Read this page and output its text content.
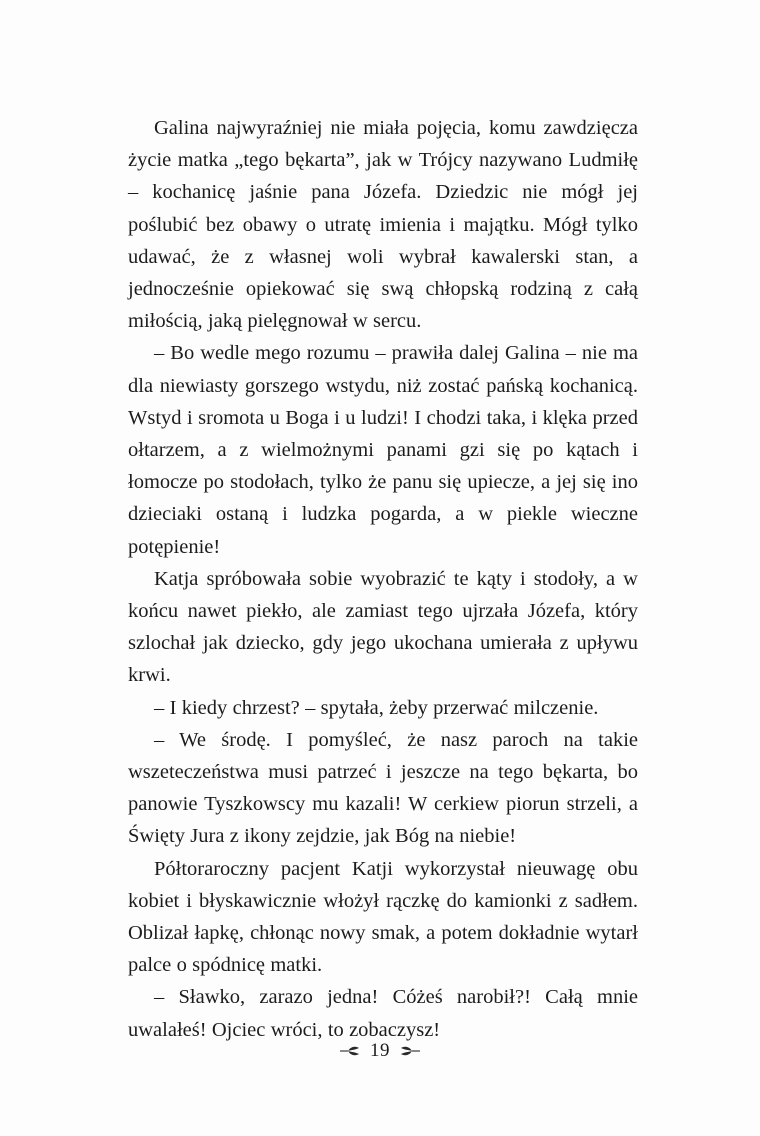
Galina najwyraźniej nie miała pojęcia, komu zawdzięcza życie matka „tego bękarta”, jak w Trójcy nazywano Ludmiłę – kochanicę jaśnie pana Józefa. Dziedzic nie mógł jej poślubić bez obawy o utratę imienia i majątku. Mógł tylko udawać, że z własnej woli wybrał kawalerski stan, a jednocześnie opiekować się swą chłopską rodziną z całą miłością, jaką pielęgnował w sercu.

– Bo wedle mego rozumu – prawiła dalej Galina – nie ma dla niewiasty gorszego wstydu, niż zostać pańską kochanicą. Wstyd i sromota u Boga i u ludzi! I chodzi taka, i klęka przed ołtarzem, a z wielmożnymi panami gzi się po kątach i łomoczе po stodołach, tylko że panu się upiecze, a jej się ino dzieciaki ostaną i ludzka pogarda, a w piekle wieczne potępienie!

Katja spróbowała sobie wyobrazić te kąty i stodoły, a w końcu nawet piekło, ale zamiast tego ujrzała Józefa, który szlochał jak dziecko, gdy jego ukochana umierała z upływu krwi.

– I kiedy chrzest? – spytała, żeby przerwać milczenie.

– We środę. I pomyśleć, że nasz paroch na takie wszeteczeństwa musi patrzeć i jeszcze na tego bękarta, bo panowie Tyszkowscy mu kazali! W cerkiew piorun strzeli, a Święty Jura z ikony zejdzie, jak Bóg na niebie!

Półtoraroczny pacjent Katji wykorzystał nieuwagę obu kobiet i błyskawicznie włożył rączkę do kamionki z sadłem. Oblizał łapkę, chłonąc nowy smak, a potem dokładnie wytarł palce o spódnicę matki.

– Sławko, zarazo jedna! Cóżeś narobił?! Całą mnie uwalałeś! Ojciec wróci, to zobaczysz!

19
